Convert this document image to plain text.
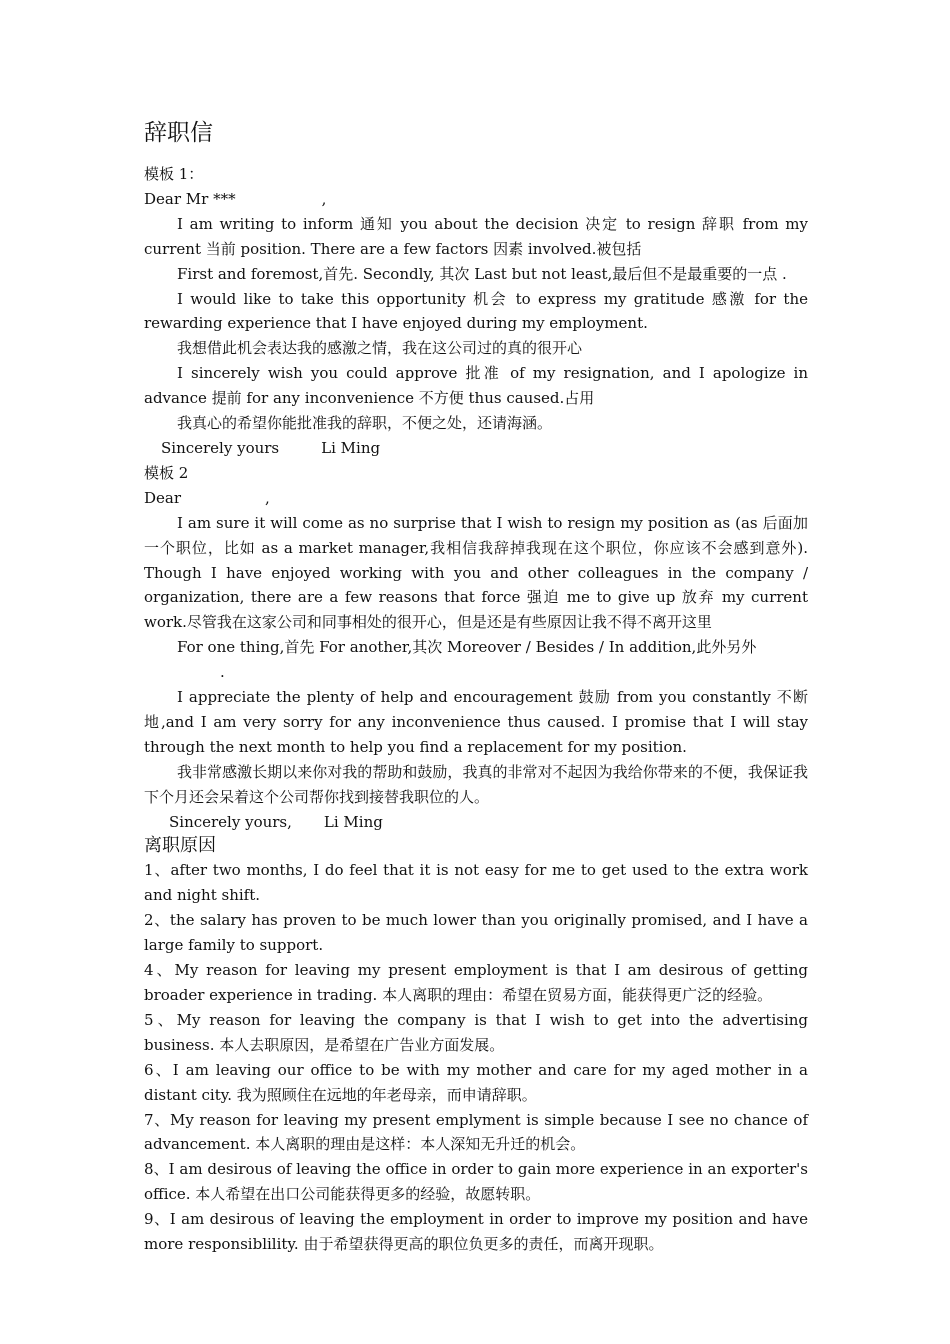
辞职信

模板 1：

Dear Mr ***	,

I am writing to inform 通知 you about the decision 决定 to resign 辞职 from my current 当前 position. There are a few factors 因素 involved.被包括

First and foremost,首先. Secondly, 其次 Last but not least,最后但不是最重要的一点 .

I would like to take this opportunity 机会 to express my gratitude 感激 for the rewarding experience that I have enjoyed during my employment.

我想借此机会表达我的感激之情，我在这公司过的真的很开心

I sincerely wish you could approve 批准 of my resignation, and I apologize in advance 提前 for any inconvenience 不方便 thus caused.占用

我真心的希望你能批准我的辞职，不便之处，还请海涵。

Sincerely yours	Li Ming

模板 2

Dear	,

I am sure it will come as no surprise that I wish to resign my position as (as 后面加一个职位，比如 as a market manager,我相信我辞掉我现在这个职位，你应该不会感到意外). Though I have enjoyed working with you and other colleagues in the company / organization, there are a few reasons that force 强迫 me to give up 放弃 my current work.尽管我在这家公司和同事相处的很开心，但是还是有些原因让我不得不离开这里

For one thing,首先 For another,其次 Moreover / Besides / In addition,此外另外.

I appreciate the plenty of help and encouragement 鼓励 from you constantly 不断地,and I am very sorry for any inconvenience thus caused. I promise that I will stay through the next month to help you find a replacement for my position.

我非常感激长期以来你对我的帮助和鼓励，我真的非常对不起因为我给你带来的不便，我保证我下个月还会呆着这个公司帮你找到接替我职位的人。

Sincerely yours, Li Ming

离职原因

1、after two months, I do feel that it is not easy for me to get used to the extra work and night shift.

2、the salary has proven to be much lower than you originally promised, and I have a large family to support.

4、My reason for leaving my present employment is that I am desirous of getting broader experience in trading. 本人离职的理由：希望在贸易方面，能获得更广泛的经验。

5、My reason for leaving the company is that I wish to get into the advertising business. 本人去职原因，是希望在广告业方面发展。

6、I am leaving our office to be with my mother and care for my aged mother in a distant city. 我为照顾住在远地的年老母亲，而申请辞职。

7、My reason for leaving my present emplyment is simple because I see no chance of advancement. 本人离职的理由是这样：本人深知无升迁的机会。

8、I am desirous of leaving the office in order to gain more experience in an exporter's office. 本人希望在出口公司能获得更多的经验，故愿转职。

9、I am desirous of leaving the employment in order to improve my position and have more responsiblility. 由于希望获得更高的职位负更多的责任，而离开现职。
